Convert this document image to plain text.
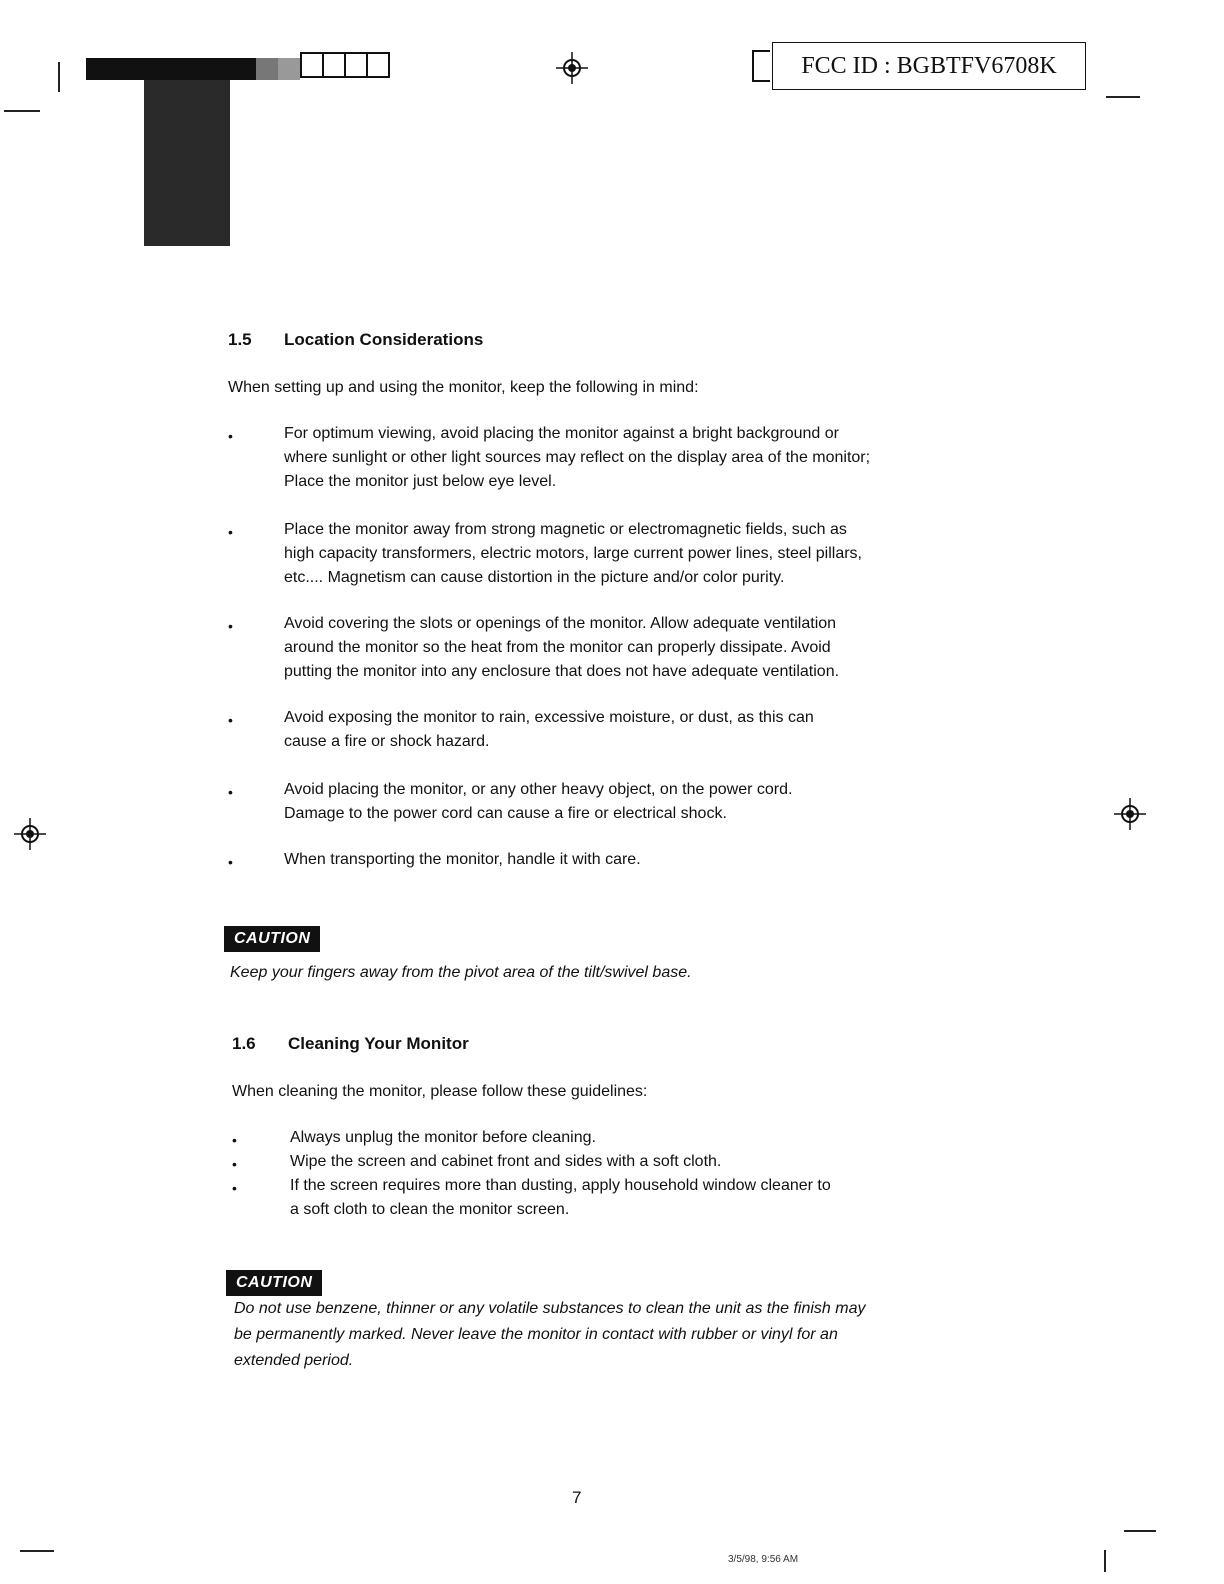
FCC ID : BGBTFV6708K
1.5 Location Considerations
When setting up and using the monitor, keep the following in mind:
•	For optimum viewing, avoid placing the monitor against a bright background or
where sunlight or other light sources may reflect on the display area of the monitor;
Place the monitor just below eye level.
•	Place the monitor away from strong magnetic or electromagnetic fields, such as
high capacity transformers, electric motors, large current power lines, steel pillars,
etc.... Magnetism can cause distortion in the picture and/or color purity.
•	Avoid covering the slots or openings of the monitor. Allow adequate ventilation
around the monitor so the heat from the monitor can properly dissipate. Avoid
putting the monitor into any enclosure that does not have adequate ventilation.
•	Avoid exposing the monitor to rain, excessive moisture, or dust, as this can
cause a fire or shock hazard.
•	Avoid placing the monitor, or any other heavy object, on the power cord.
Damage to the power cord can cause a fire or electrical shock.
•	When transporting the monitor, handle it with care.
CAUTION
Keep your fingers away from the pivot area of the tilt/swivel base.
1.6 Cleaning Your Monitor
When cleaning the monitor, please follow these guidelines:
•	Always unplug the monitor before cleaning.
•	Wipe the screen and cabinet front and sides with a soft cloth.
•	If the screen requires more than dusting, apply household window cleaner to
a soft cloth to clean the monitor screen.
CAUTION
Do not use benzene, thinner or any volatile substances to clean the unit as the finish may
be permanently marked. Never leave the monitor in contact with rubber or vinyl for an
extended period.
7
3/5/98, 9:56 AM
